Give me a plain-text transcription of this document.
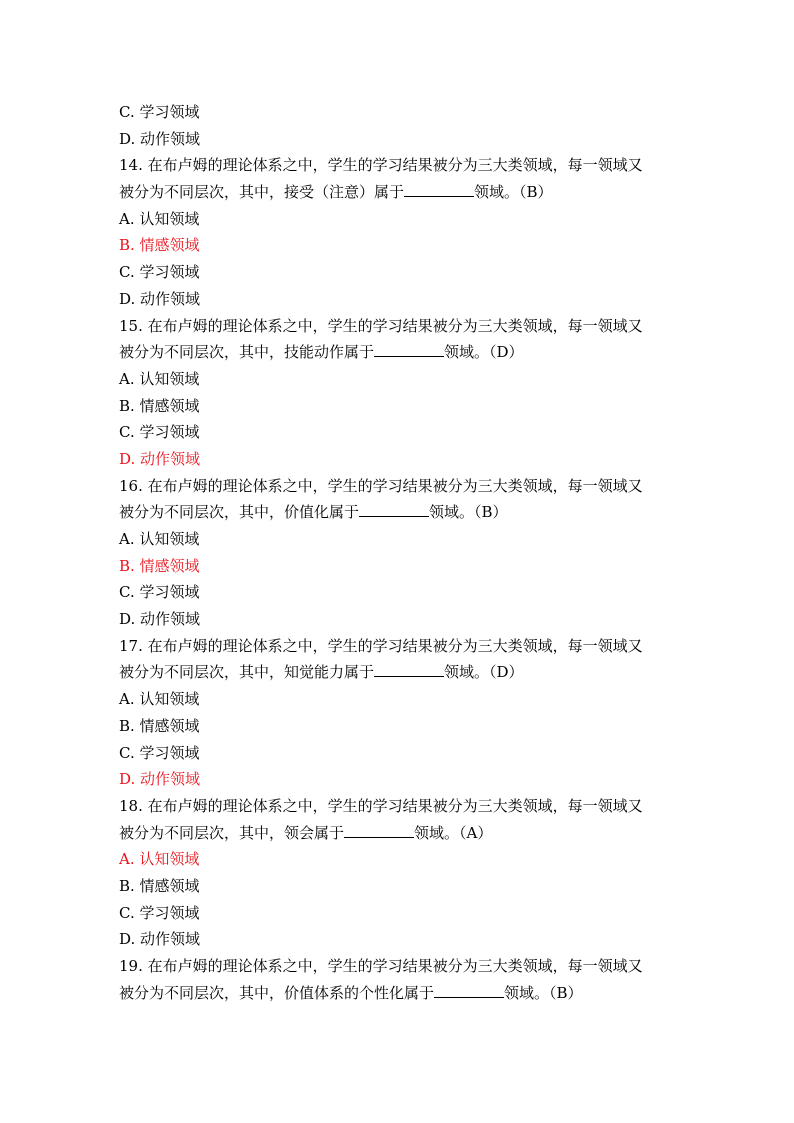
C. 学习领域
D. 动作领域
14. 在布卢姆的理论体系之中，学生的学习结果被分为三大类领域，每一领域又
被分为不同层次，其中，接受（注意）属于	领域。（B）
A. 认知领域
B. 情感领域
C. 学习领域
D. 动作领域
15. 在布卢姆的理论体系之中，学生的学习结果被分为三大类领域，每一领域又
被分为不同层次，其中，技能动作属于	领域。（D）
A. 认知领域
B. 情感领域
C. 学习领域
D. 动作领域
16. 在布卢姆的理论体系之中，学生的学习结果被分为三大类领域，每一领域又
被分为不同层次，其中，价值化属于	领域。（B）
A. 认知领域
B. 情感领域
C. 学习领域
D. 动作领域
17. 在布卢姆的理论体系之中，学生的学习结果被分为三大类领域，每一领域又
被分为不同层次，其中，知觉能力属于	领域。（D）
A. 认知领域
B. 情感领域
C. 学习领域
D. 动作领域
18. 在布卢姆的理论体系之中，学生的学习结果被分为三大类领域，每一领域又
被分为不同层次，其中，领会属于	领域。（A）
A. 认知领域
B. 情感领域
C. 学习领域
D. 动作领域
19. 在布卢姆的理论体系之中，学生的学习结果被分为三大类领域，每一领域又
被分为不同层次，其中，价值体系的个性化属于	领域。（B）
